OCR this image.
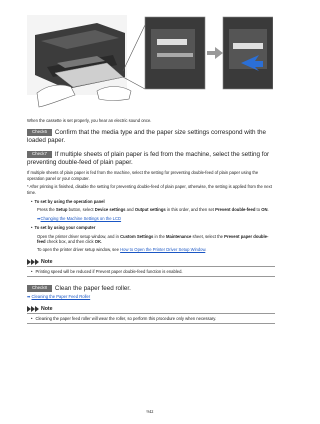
When the cassette is set properly, you hear an electric sound once.

Check6 Confirm that the media type and the paper size settings correspond with the loaded paper.

Check7 If multiple sheets of plain paper is fed from the machine, select the setting for preventing double-feed of plain paper.

If multiple sheets of plain paper is fed from the machine, select the setting for preventing double-feed of plain paper using the operation panel or your computer.

* After printing is finished, disable the setting for preventing double-feed of plain paper, otherwise, the setting is applied from the next time.

• To set by using the operation panel

Press the Setup button, select Device settings and Output settings in this order, and then set Prevent double-feed to ON.

➡Changing the Machine Settings on the LCD

• To set by using your computer

Open the printer driver setup window, and in Custom Settings in the Maintenance sheet, select the Prevent paper double-feed check box, and then click OK.

To open the printer driver setup window, see How to Open the Printer Driver Setup Window.

Note

• Printing speed will be reduced if Prevent paper double-feed function is enabled.

Check8 Clean the paper feed roller.

➡Cleaning the Paper Feed Roller

Note

• Cleaning the paper feed roller will wear the roller, so perform this procedure only when necessary.

942
